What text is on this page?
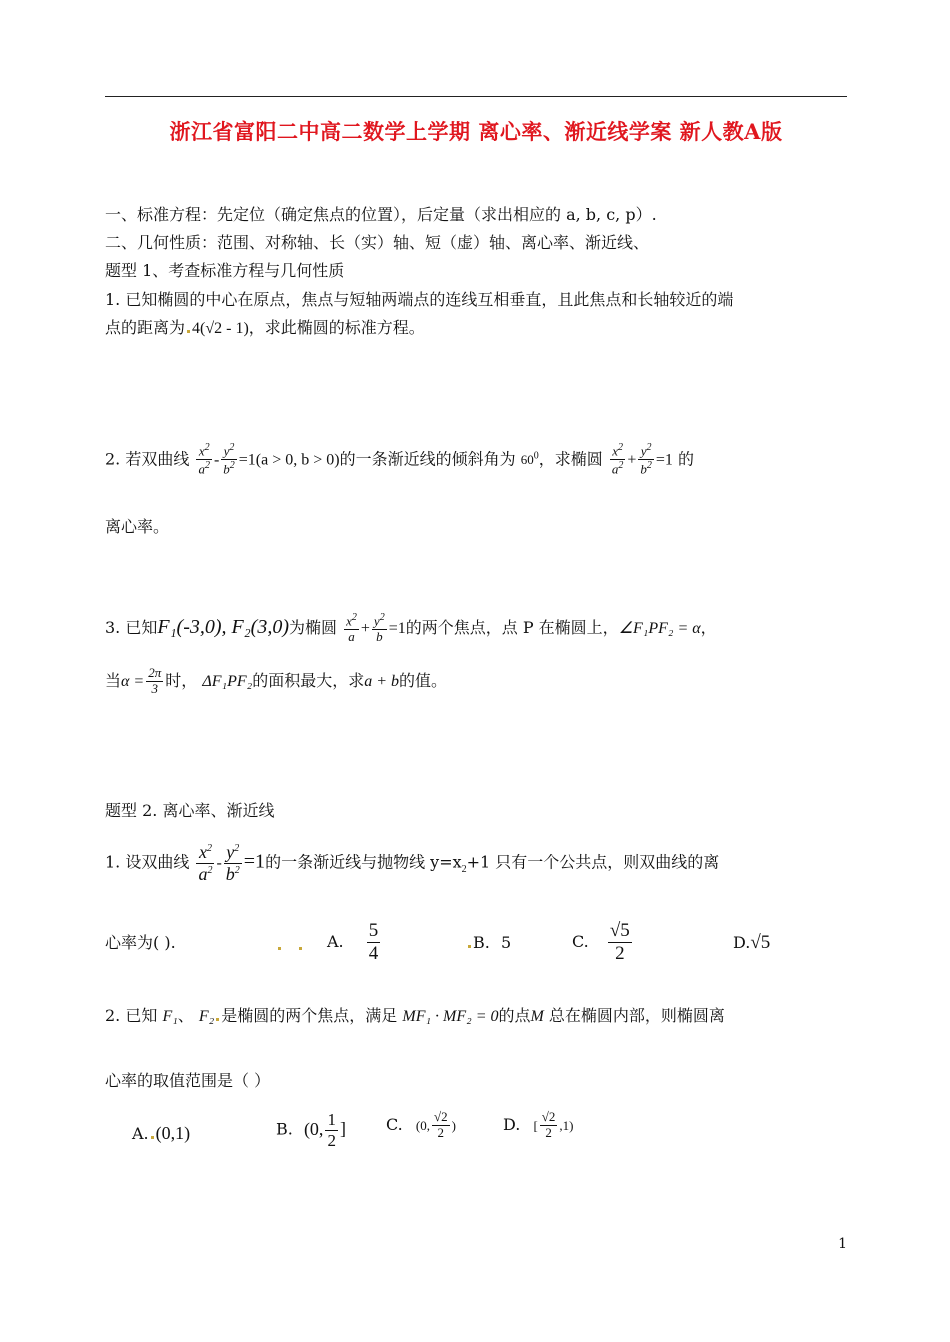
浙江省富阳二中高二数学上学期 离心率、渐近线学案 新人教A版
一、标准方程：先定位（确定焦点的位置），后定量（求出相应的 a, b, c, p）.
二、几何性质：范围、对称轴、长（实）轴、短（虚）轴、离心率、渐近线、
题型 1、考查标准方程与几何性质
1. 已知椭圆的中心在原点，焦点与短轴两端点的连线互相垂直，且此焦点和长轴较近的端
点的距离为 4(√2 - 1)，求此椭圆的标准方程。
2. 若双曲线 $\frac{x^2}{a^2} - \frac{y^2}{b^2} =1(a > 0$, b > 0)的一条渐近线的倾斜角为 $60^0$，求椭圆 $\frac{x^2}{a^2} + \frac{y^2}{b^2} =1$ 的
离心率。
3. 已知F₁(-3,0), F₂(3,0)为椭圆 $\frac{x^2}{a} + \frac{y^2}{b} =1$的两个焦点，点 P 在椭圆上，∠F₁PF₂ = α，
当$\alpha = \frac{2\pi}{3}$ 时， ΔF₁PF₂的面积最大，求a + b的值。
题型 2. 离心率、渐近线
1. 设双曲线 $\frac{x^2}{a^2} - \frac{y^2}{b^2} =1$的一条渐近线与抛物线 $y=x_2+1$ 只有一个公共点，则双曲线的离
心率为( ).	A. $\frac{5}{4}$	B. 5	C. $\frac{√5}{2}$	D.√5
2. 已知 F₁、 F₂ 是椭圆的两个焦点，满足 MF₁ · MF₂ = 0的点M 总在椭圆内部，则椭圆离
心率的取值范围是（ ）
A. (0,1)	B. (0, $\frac{1}{2}$ ]	C. (0, $\frac{√2}{2}$ )	D. [ $\frac{√2}{2} ,1$)
1
